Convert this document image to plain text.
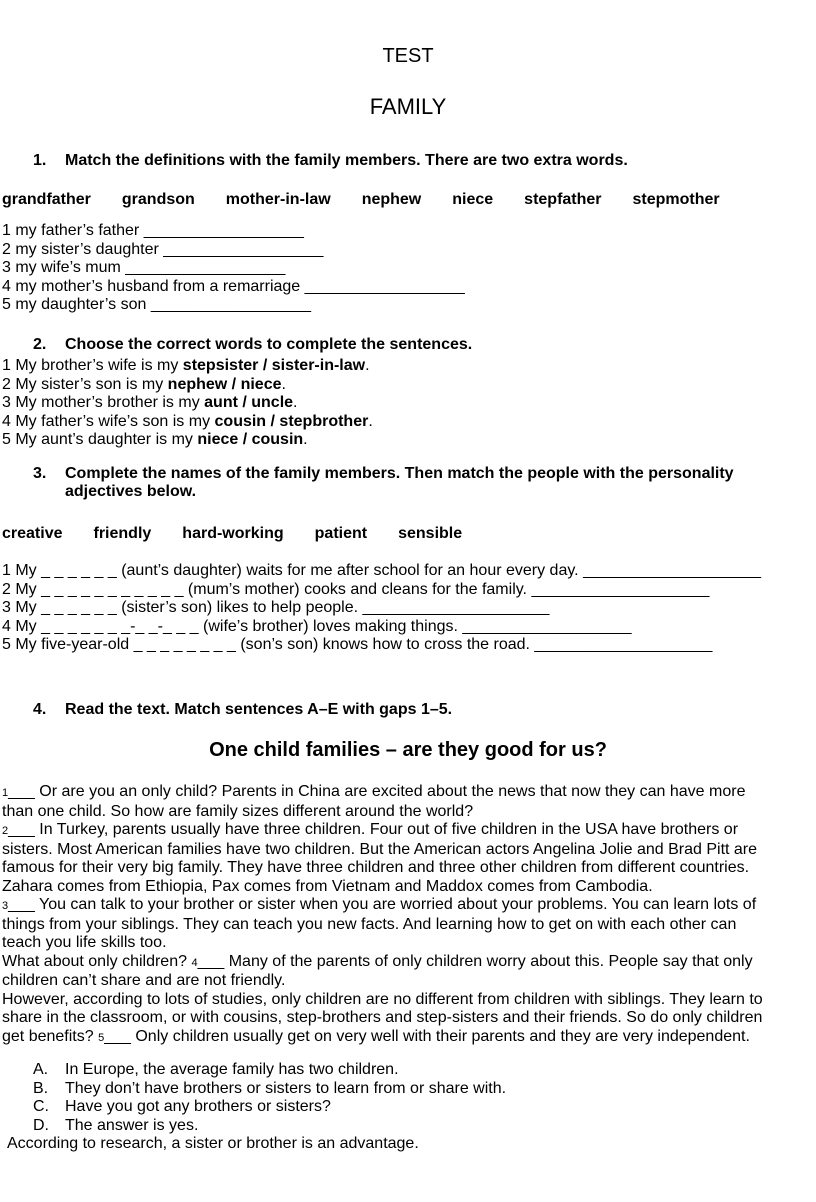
TEST
FAMILY
1. Match the definitions with the family members. There are two extra words.
grandfather grandson mother-in-law nephew niece stepfather stepmother
1 my father’s father __________________
2 my sister’s daughter __________________
3 my wife’s mum __________________
4 my mother’s husband from a remarriage __________________
5 my daughter’s son __________________
2. Choose the correct words to complete the sentences.
1 My brother’s wife is my stepsister / sister-in-law.
2 My sister’s son is my nephew / niece.
3 My mother’s brother is my aunt / uncle.
4 My father’s wife’s son is my cousin / stepbrother.
5 My aunt’s daughter is my niece / cousin.
3. Complete the names of the family members. Then match the people with the personality adjectives below.
creative friendly hard-working patient sensible
1 My _ _ _ _ _ _ (aunt’s daughter) waits for me after school for an hour every day. ____________________
2 My _ _ _ _ _ _ _ _ _ _ _ (mum’s mother) cooks and cleans for the family. ____________________
3 My _ _ _ _ _ _ (sister’s son) likes to help people. _____________________
4 My _ _ _ _ _ _ _-_ _-_ _ _ (wife’s brother) loves making things. ___________________
5 My five-year-old _ _ _ _ _ _ _ _ (son’s son) knows how to cross the road. ____________________
4. Read the text. Match sentences A–E with gaps 1–5.
One child families – are they good for us?
1___ Or are you an only child? Parents in China are excited about the news that now they can have more than one child. So how are family sizes different around the world?
2___ In Turkey, parents usually have three children. Four out of five children in the USA have brothers or sisters. Most American families have two children. But the American actors Angelina Jolie and Brad Pitt are famous for their very big family. They have three children and three other children from different countries. Zahara comes from Ethiopia, Pax comes from Vietnam and Maddox comes from Cambodia.
3___ You can talk to your brother or sister when you are worried about your problems. You can learn lots of things from your siblings. They can teach you new facts. And learning how to get on with each other can teach you life skills too.
What about only children? 4___ Many of the parents of only children worry about this. People say that only children can’t share and are not friendly.
However, according to lots of studies, only children are no different from children with siblings. They learn to share in the classroom, or with cousins, step-brothers and step-sisters and their friends. So do only children get benefits? 5___ Only children usually get on very well with their parents and they are very independent.
A. In Europe, the average family has two children.
B. They don’t have brothers or sisters to learn from or share with.
C. Have you got any brothers or sisters?
D. The answer is yes.
According to research, a sister or brother is an advantage.
